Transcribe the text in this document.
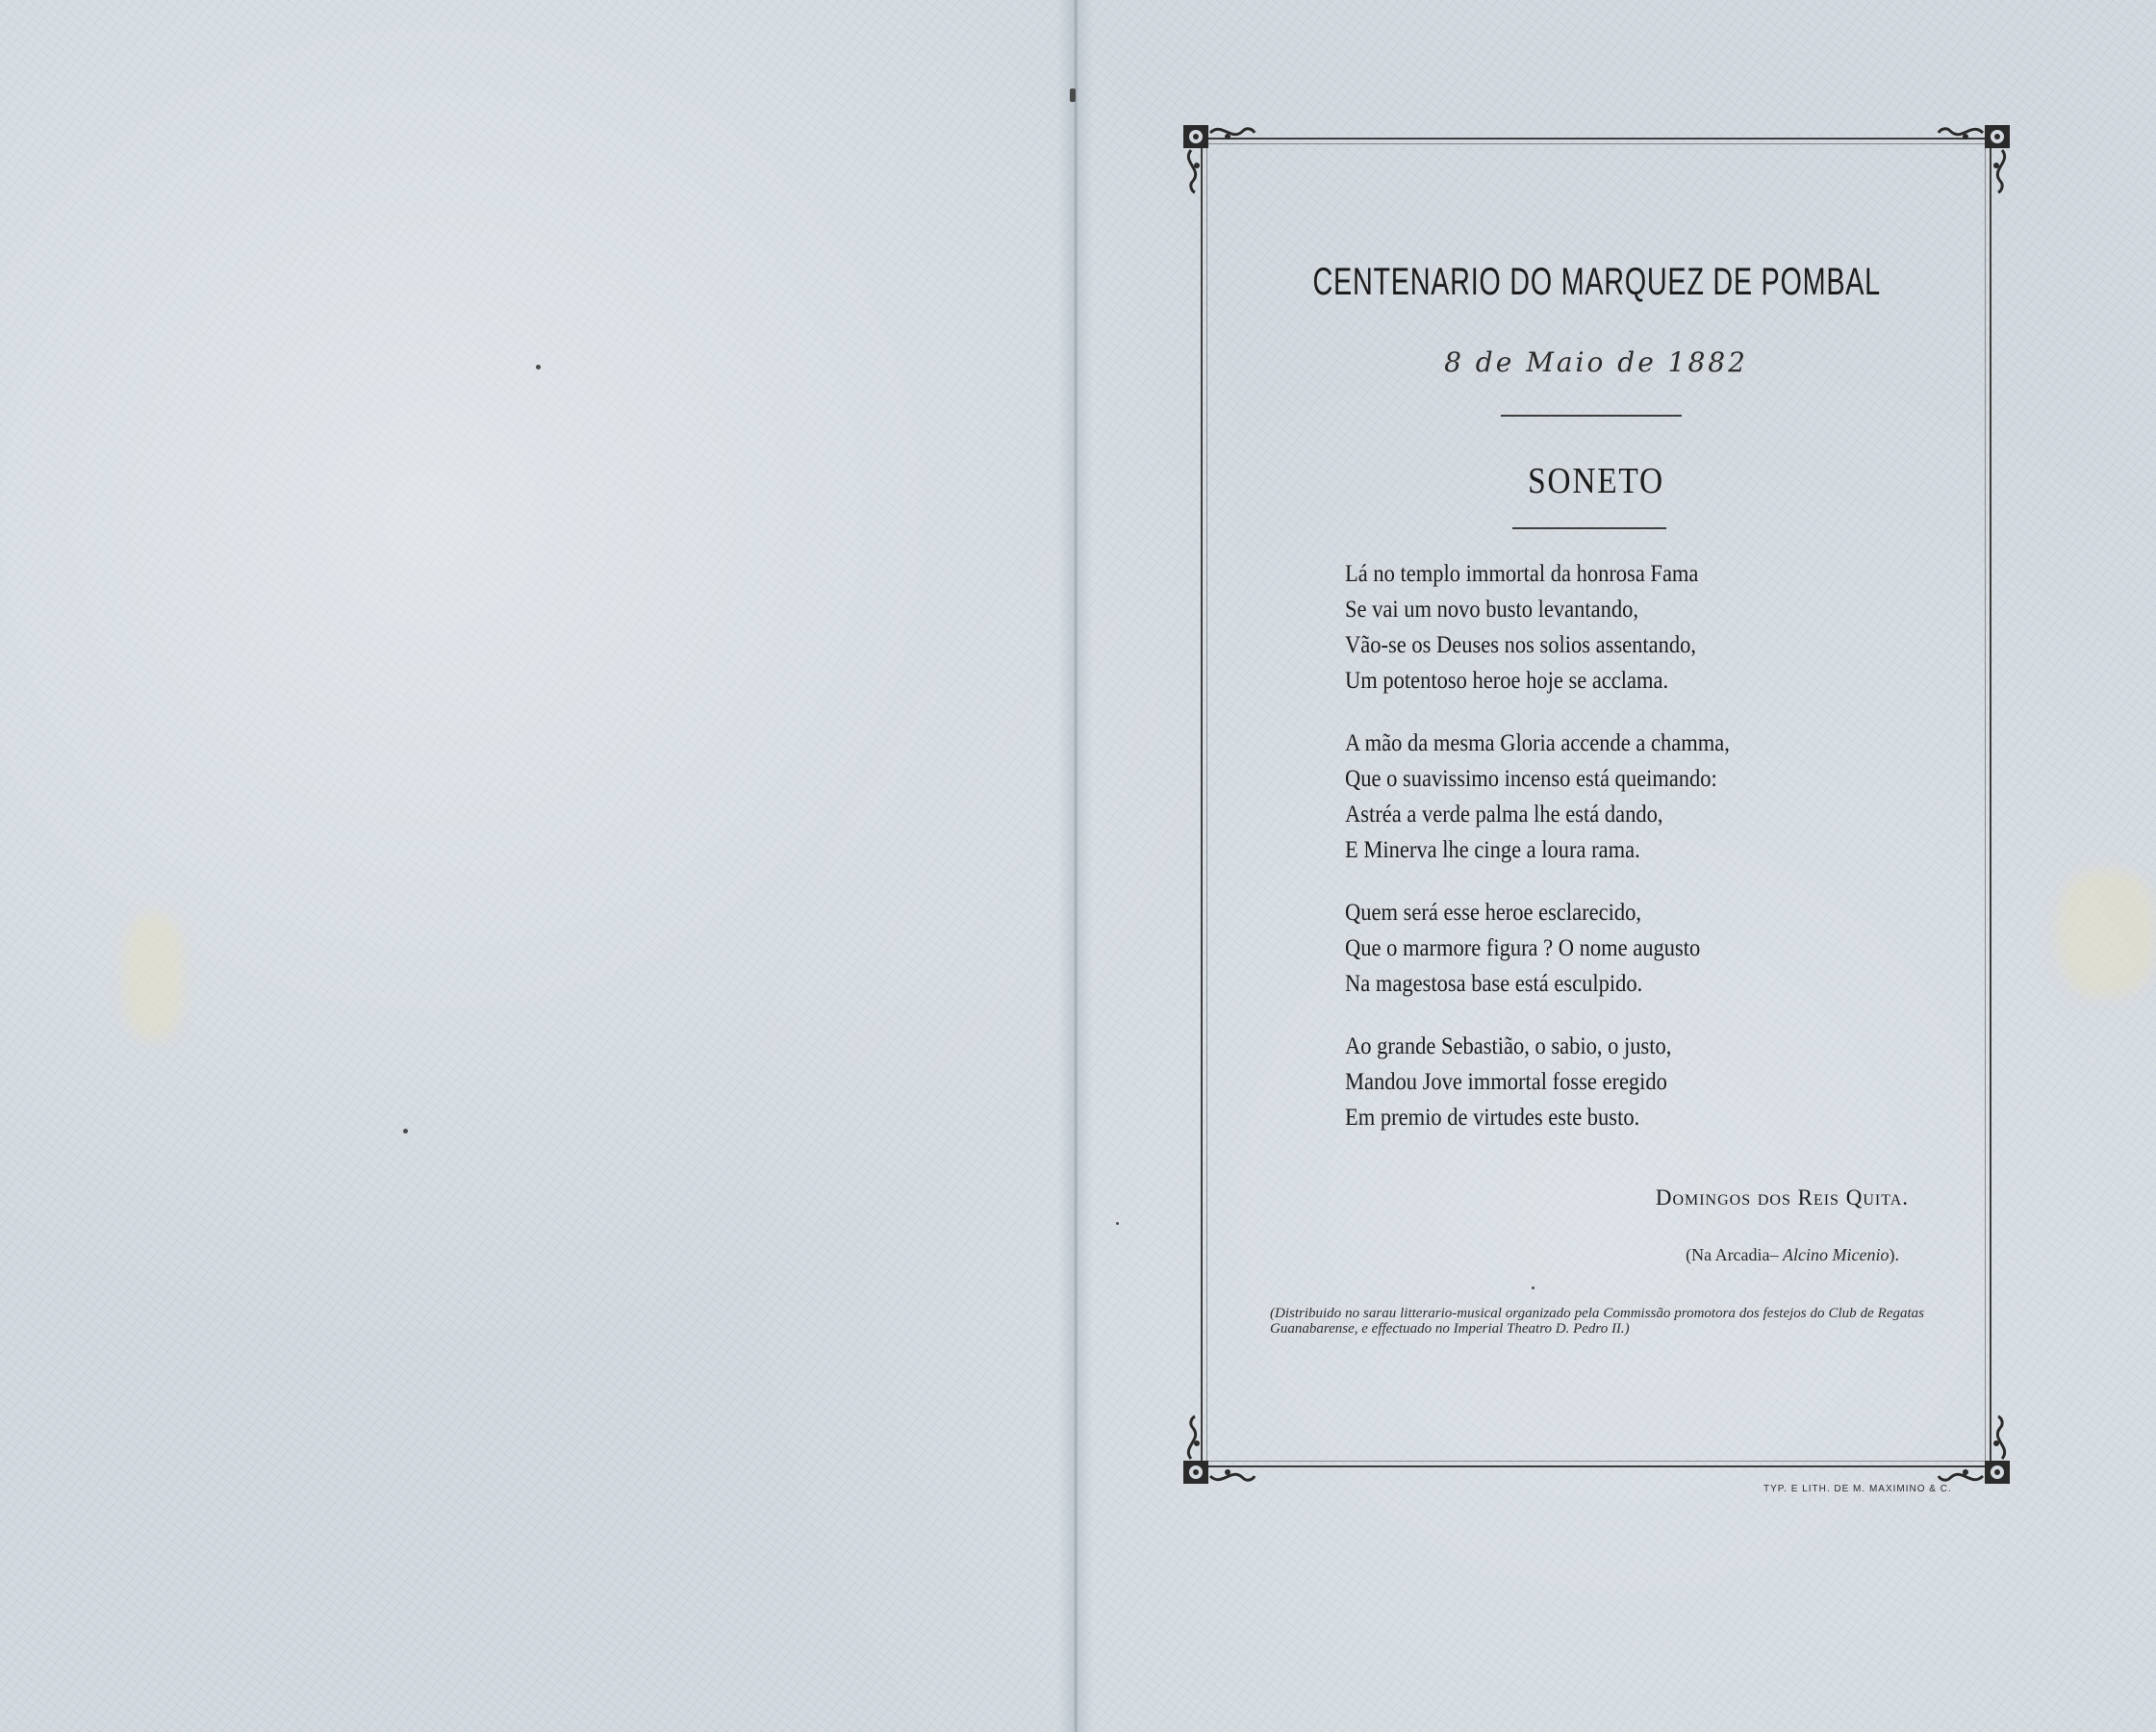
CENTENARIO DO MARQUEZ DE POMBAL
8 de Maio de 1882
SONETO
Lá no templo immortal da honrosa Fama
Se vai um novo busto levantando,
Vão-se os Deuses nos solios assentando,
Um potentoso heroe hoje se acclama.
A mão da mesma Gloria accende a chamma,
Que o suavissimo incenso está queimando:
Astréa a verde palma lhe está dando,
E Minerva lhe cinge a loura rama.
Quem será esse heroe esclarecido,
Que o marmore figura ? O nome augusto
Na magestosa base está esculpido.
Ao grande Sebastião, o sabio, o justo,
Mandou Jove immortal fosse eregido
Em premio de virtudes este busto.
Domingos dos Reis Quita.
(Na Arcadia– Alcino Micenio).
(Distribuido no sarau litterario-musical organizado pela Commissão promotora dos festejos do Club de Regatas Guanabarense, e effectuado no Imperial Theatro D. Pedro II.)
TYP. E LITH. DE M. MAXIMINO & C.
